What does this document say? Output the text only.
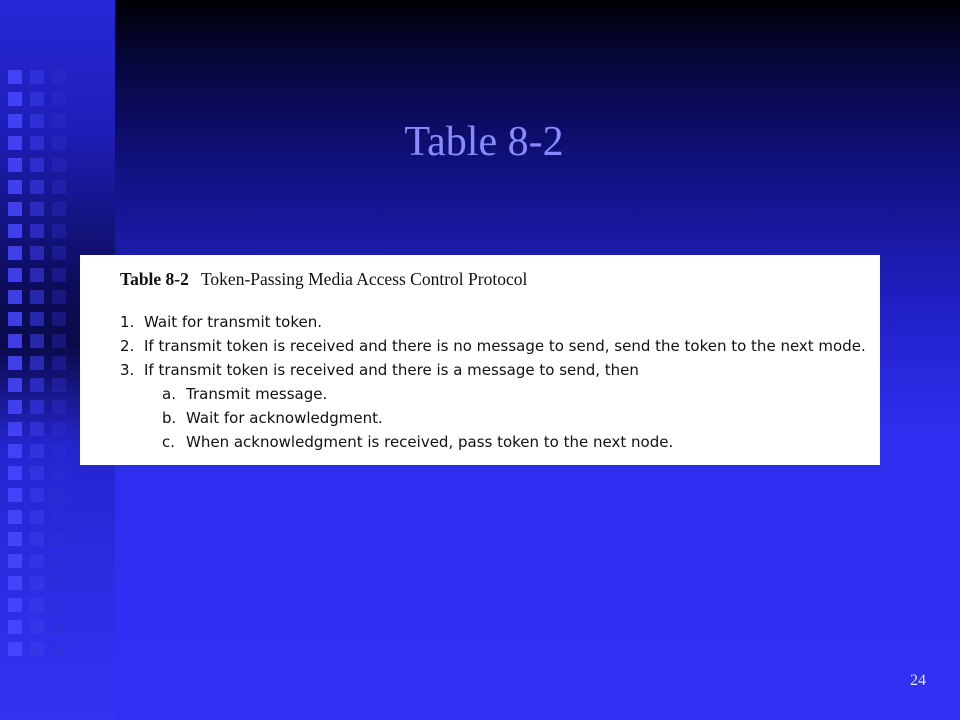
Table 8-2
Table 8-2 Token-Passing Media Access Control Protocol
1. Wait for transmit token.
2. If transmit token is received and there is no message to send, send the token to the next mode.
3. If transmit token is received and there is a message to send, then
a. Transmit message.
b. Wait for acknowledgment.
c. When acknowledgment is received, pass token to the next node.
24
